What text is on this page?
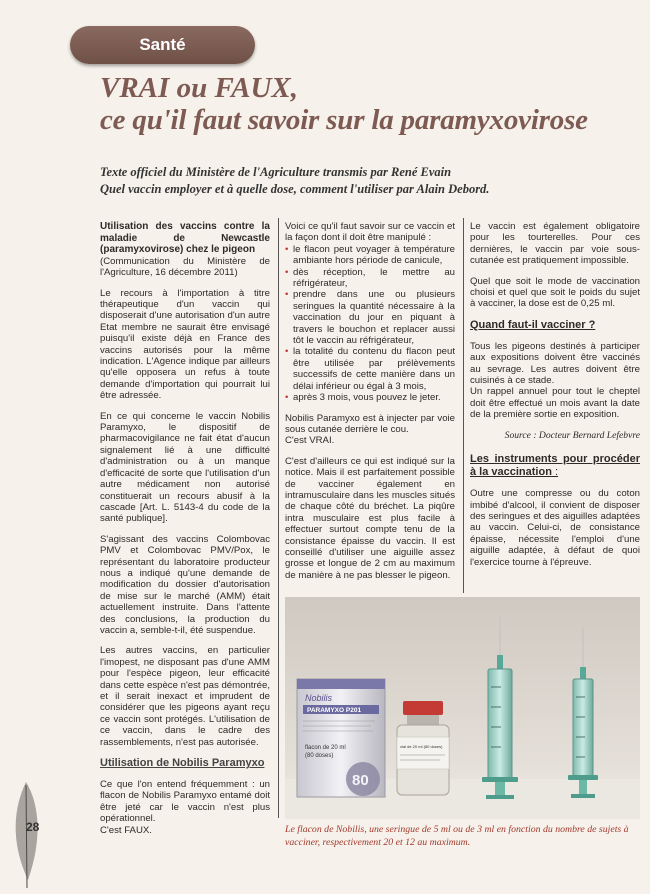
Santé
VRAI ou FAUX,
ce qu'il faut savoir sur la paramyxovirose
Texte officiel du Ministère de l'Agriculture transmis par René Evain
Quel vaccin employer et à quelle dose, comment l'utiliser par Alain Debord.

Utilisation des vaccins contre la maladie de Newcastle (paramyxovirose) chez le pigeon

(Communication du Ministère de l'Agriculture, 16 décembre 2011)

Le recours à l'importation à titre thérapeutique d'un vaccin qui disposerait d'une autorisation d'un autre Etat membre ne saurait être envisagé puisqu'il existe déjà en France des vaccins autorisés pour la même indication. L'Agence indique par ailleurs qu'elle opposera un refus à toute demande d'importation qui pourrait lui être adressée.

En ce qui concerne le vaccin Nobilis Paramyxo, le dispositif de pharmacovigilance ne fait état d'aucun signalement lié à une difficulté d'administration ou à un manque d'efficacité de sorte que l'utilisation d'un autre médicament non autorisé constituerait un recours abusif à la cascade [Art. L. 5143-4 du code de la santé publique].

S'agissant des vaccins Colombovac PMV et Colombovac PMV/Pox, le représentant du laboratoire producteur nous a indiqué qu'une demande de modification du dossier d'autorisation de mise sur le marché (AMM) était actuellement instruite. Dans l'attente des conclusions, la production du vaccin a, semble-t-il, été suspendue.

Les autres vaccins, en particulier l'imopest, ne disposant pas d'une AMM pour l'espèce pigeon, leur efficacité dans cette espèce n'est pas démontrée, et il serait inexact et imprudent de considérer que les pigeons ayant reçu ce vaccin sont protégés. L'utilisation de ce vaccin, dans le cadre des rassemblements, n'est pas autorisée.

Utilisation de Nobilis Paramyxo

Ce que l'on entend fréquemment : un flacon de Nobilis Paramyxo entamé doit être jeté car le vaccin n'est plus opérationnel.

C'est FAUX.

Voici ce qu'il faut savoir sur ce vaccin et la façon dont il doit être manipulé :

• le flacon peut voyager à température ambiante hors période de canicule,
• dès réception, le mettre au réfrigérateur,
• prendre dans une ou plusieurs seringues la quantité nécessaire à la vaccination du jour en piquant à travers le bouchon et replacer aussi tôt le vaccin au réfrigérateur,
• la totalité du contenu du flacon peut être utilisée par prélèvements successifs de cette manière dans un délai inférieur ou égal à 3 mois,
• après 3 mois, vous pouvez le jeter.

Nobilis Paramyxo est à injecter par voie sous cutanée derrière le cou.

C'est VRAI.

C'est d'ailleurs ce qui est indiqué sur la notice. Mais il est parfaitement possible de vacciner également en intramusculaire dans les muscles situés de chaque côté du bréchet. La piqûre intra musculaire est plus facile à effectuer surtout compte tenu de la consistance épaisse du vaccin. Il est conseillé d'utiliser une aiguille assez grosse et longue de 2 cm au maximum de manière à ne pas blesser le pigeon.

Le vaccin est également obligatoire pour les tourterelles. Pour ces dernières, le vaccin par voie sous-cutanée est pratiquement impossible.

Quel que soit le mode de vaccination choisi et quel que soit le poids du sujet à vacciner, la dose est de 0,25 ml.

Quand faut-il vacciner ?

Tous les pigeons destinés à participer aux expositions doivent être vaccinés au sevrage. Les autres doivent être cuisinés à ce stade.

Un rappel annuel pour tout le cheptel doit être effectué un mois avant la date de la première sortie en exposition.

Source : Docteur Bernard Lefebvre
Les instruments pour procéder à la vaccination :

Outre une compresse ou du coton imbibé d'alcool, il convient de disposer des seringues et des aiguilles adaptées au vaccin. Celui-ci, de consistance épaisse, nécessite l'emploi d'une aiguille adaptée, à défaut de quoi l'exercice tourne à l'épreuve.

Nobilis
PARAMYXO P201
flacon de 20 ml
(80 doses)
80
vial de 20 ml (80 doses)
Le flacon de Nobilis, une seringue de 5 ml ou de 3 ml en fonction du nombre de sujets à vacciner, respectivement 20 et 12 au maximum.
28
